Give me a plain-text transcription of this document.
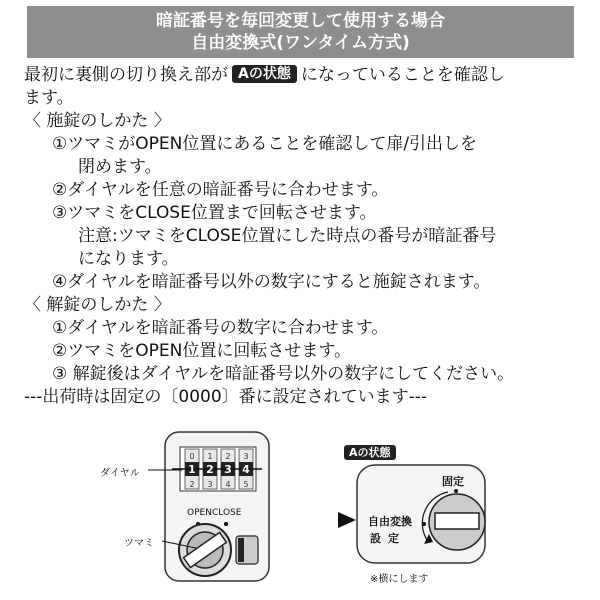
暗証番号を毎回変更して使用する場合
自由変換式(ワンタイム方式)
最初に裏側の切り換え部が Aの状態 になっていることを確認し
ます。
〈 施錠のしかた 〉
①ツマミがOPEN位置にあることを確認して扉/引出しを
閉めます。
②ダイヤルを任意の暗証番号に合わせます。
③ツマミをCLOSE位置まで回転させます。
注意:ツマミをCLOSE位置にした時点の番号が暗証番号
になります。
④ダイヤルを暗証番号以外の数字にすると施錠されます。
〈 解錠のしかた 〉
①ダイヤルを暗証番号の数字に合わせます。
②ツマミをOPEN位置に回転させます。
③ 解錠後はダイヤルを暗証番号以外の数字にしてください。
---出荷時は固定の〔0000〕番に設定されています---
0 1 2 3
2 3 4 5
1 2 3 4
OPEN CLOSE
ダイヤル
ツマミ
Aの状態
固定
自由変換
設定
※横にします
